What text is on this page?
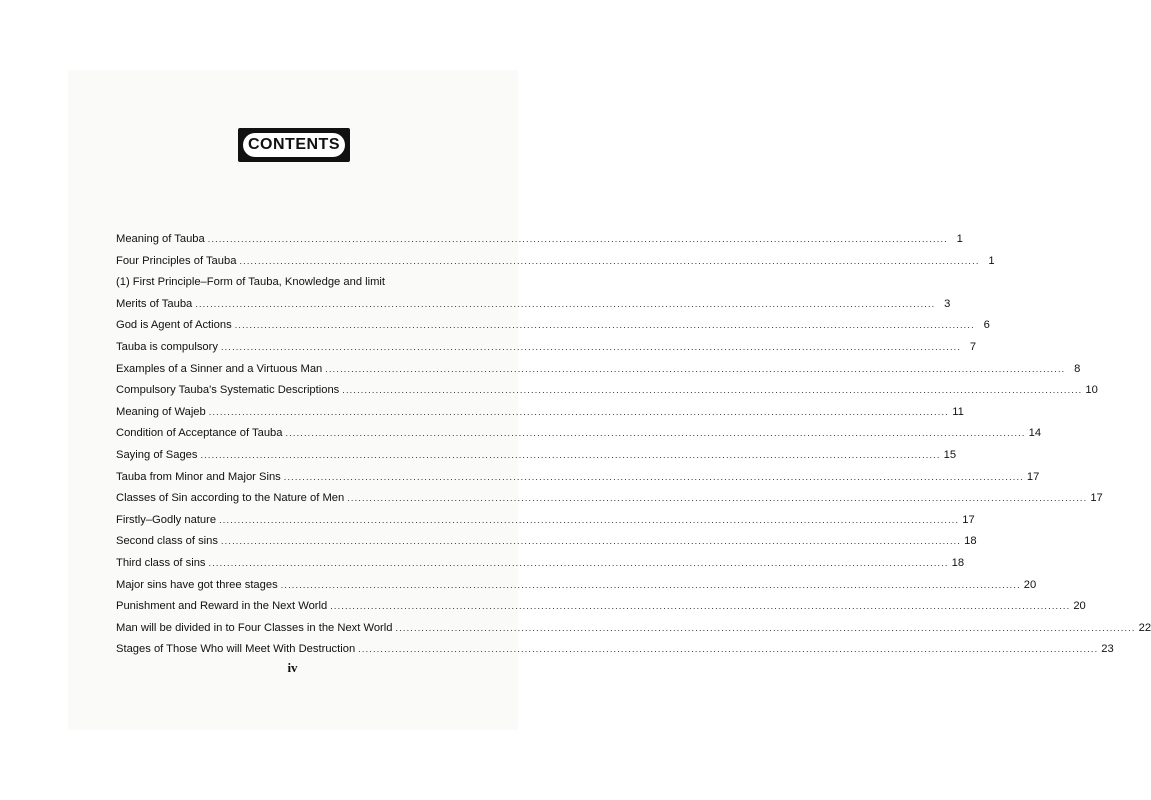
CONTENTS
Meaning of Tauba ........................................................................................................................................................................................................ 1
Four Principles of Tauba ........................................................................................................................................................................................................ 1
(1) First Principle–Form of Tauba, Knowledge and limit
Merits of Tauba ........................................................................................................................................................................................................ 3
God is Agent of Actions ........................................................................................................................................................................................................ 6
Tauba is compulsory ........................................................................................................................................................................................................ 7
Examples of a Sinner and a Virtuous Man ........................................................................................................................................................................................................ 8
Compulsory Tauba's Systematic Descriptions ........................................................................................................................................................................................................ 10
Meaning of Wajeb ........................................................................................................................................................................................................ 11
Condition of Acceptance of Tauba ........................................................................................................................................................................................................ 14
Saying of Sages ........................................................................................................................................................................................................ 15
Tauba from Minor and Major Sins ........................................................................................................................................................................................................ 17
Classes of Sin according to the Nature of Men ........................................................................................................................................................................................................ 17
Firstly–Godly nature ........................................................................................................................................................................................................ 17
Second class of sins ........................................................................................................................................................................................................ 18
Third class of sins ........................................................................................................................................................................................................ 18
Major sins have got three stages ........................................................................................................................................................................................................ 20
Punishment and Reward in the Next World ........................................................................................................................................................................................................ 20
Man will be divided in to Four Classes in the Next World ........................................................................................................................................................................................................ 22
Stages of Those Who will Meet With Destruction ........................................................................................................................................................................................................ 23
iv
